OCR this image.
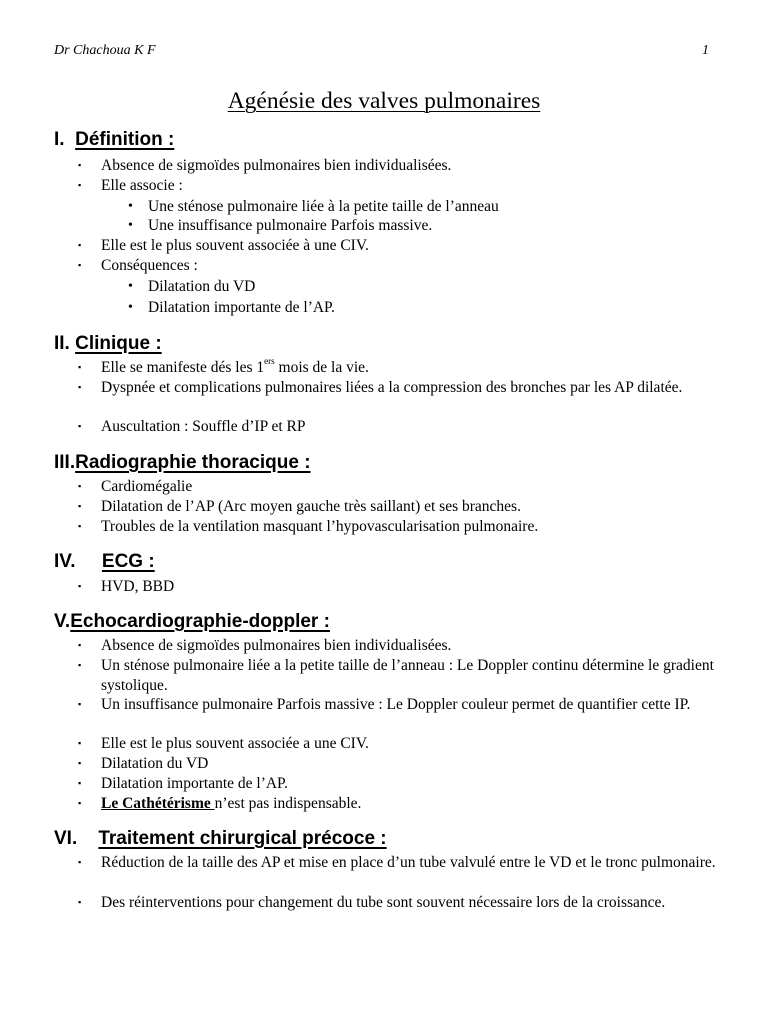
Dr Chachoua K F	1
Agénésie des valves pulmonaires
I. Définition :
▪ Absence de sigmoïdes pulmonaires bien individualisées.
▪ Elle associe :
• Une sténose pulmonaire liée à la petite taille de l’anneau
• Une insuffisance pulmonaire Parfois massive.
▪ Elle est le plus souvent associée à une CIV.
▪ Conséquences :
• Dilatation du VD
• Dilatation importante de l’AP.
II. Clinique :
▪ Elle se manifeste dés les 1ers mois de la vie.
▪ Dyspnée et complications pulmonaires liées a la compression des bronches par les AP dilatée.
▪ Auscultation : Souffle d’IP et RP
III.Radiographie thoracique :
▪ Cardiomégalie
▪ Dilatation de l’AP (Arc moyen gauche très saillant) et ses branches.
▪ Troubles de la ventilation masquant l’hypovascularisation pulmonaire.
IV. ECG :
▪ HVD, BBD
V.Echocardiographie-doppler :
▪ Absence de sigmoïdes pulmonaires bien individualisées.
▪ Un sténose pulmonaire liée a la petite taille de l’anneau : Le Doppler continu détermine le gradient systolique.
▪ Un insuffisance pulmonaire Parfois massive : Le Doppler couleur permet de quantifier cette IP.
▪ Elle est le plus souvent associée a une CIV.
▪ Dilatation du VD
▪ Dilatation importante de l’AP.
▪ Le Cathétérisme n’est pas indispensable.
VI. Traitement chirurgical précoce :
▪ Réduction de la taille des AP et mise en place d’un tube valvulé entre le VD et le tronc pulmonaire.
▪ Des réinterventions pour changement du tube sont souvent nécessaire lors de la croissance.
